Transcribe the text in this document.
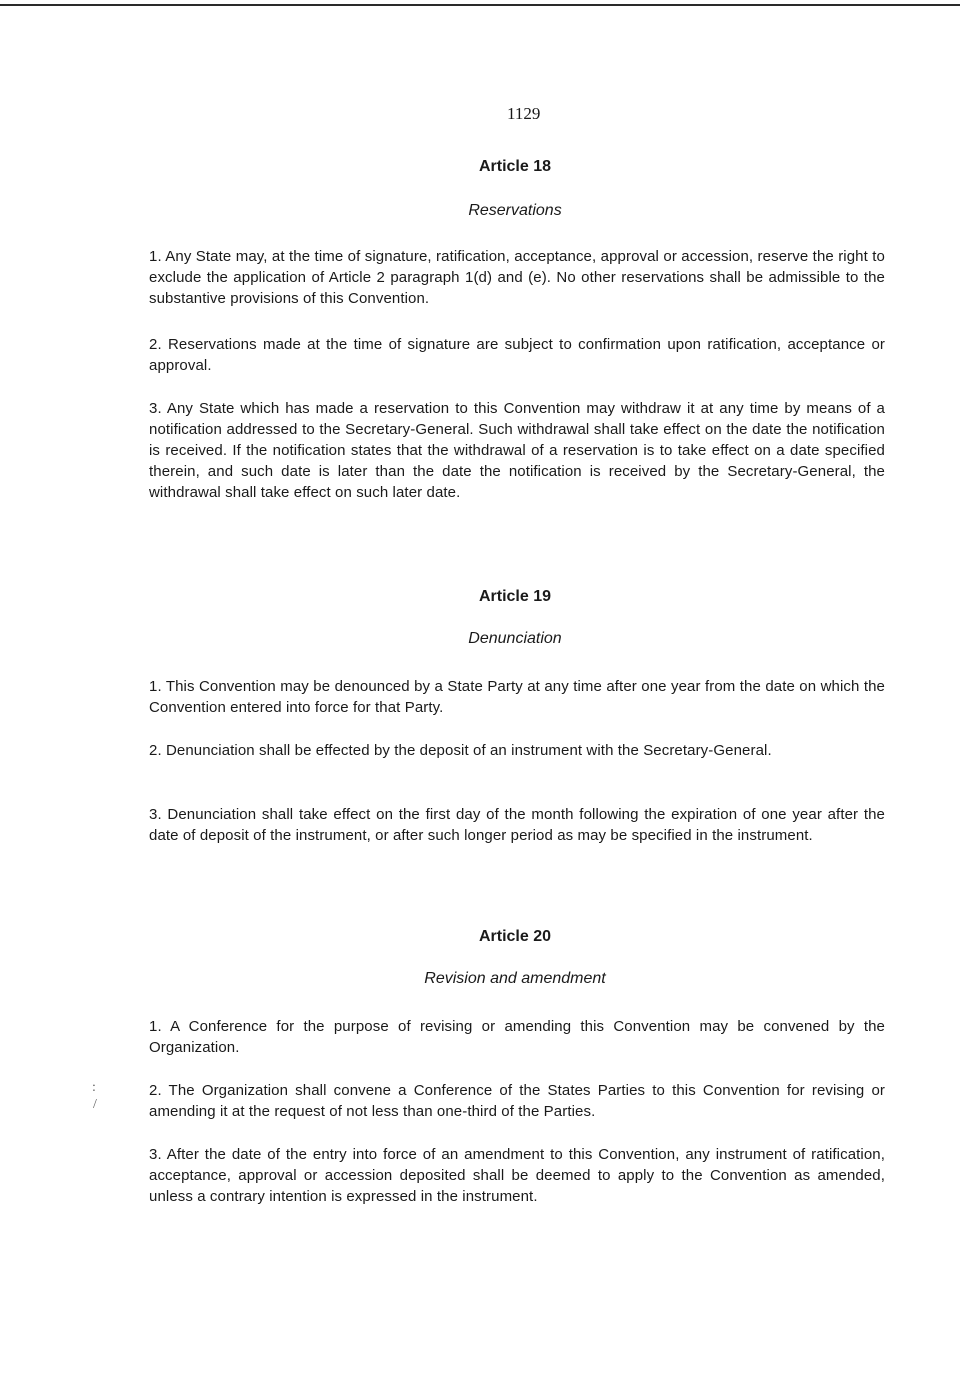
1129
Article 18
Reservations

1. Any State may, at the time of signature, ratification, acceptance, approval or accession, reserve the right to exclude the application of Article 2 paragraph 1(d) and (e). No other reservations shall be admissible to the substantive provisions of this Convention.

2. Reservations made at the time of signature are subject to confirmation upon ratification, acceptance or approval.

3. Any State which has made a reservation to this Convention may withdraw it at any time by means of a notification addressed to the Secretary-General. Such withdrawal shall take effect on the date the notification is received. If the notification states that the withdrawal of a reservation is to take effect on a date specified therein, and such date is later than the date the notification is received by the Secretary-General, the withdrawal shall take effect on such later date.

Article 19
Denunciation

1. This Convention may be denounced by a State Party at any time after one year from the date on which the Convention entered into force for that Party.

2. Denunciation shall be effected by the deposit of an instrument with the Secretary-General.

3. Denunciation shall take effect on the first day of the month following the expiration of one year after the date of deposit of the instrument, or after such longer period as may be specified in the instrument.

Article 20
Revision and amendment

1. A Conference for the purpose of revising or amending this Convention may be convened by the Organization.

2. The Organization shall convene a Conference of the States Parties to this Convention for revising or amending it at the request of not less than one-third of the Parties.

3. After the date of the entry into force of an amendment to this Convention, any instrument of ratification, acceptance, approval or accession deposited shall be deemed to apply to the Convention as amended, unless a contrary intention is expressed in the instrument.

:
/
